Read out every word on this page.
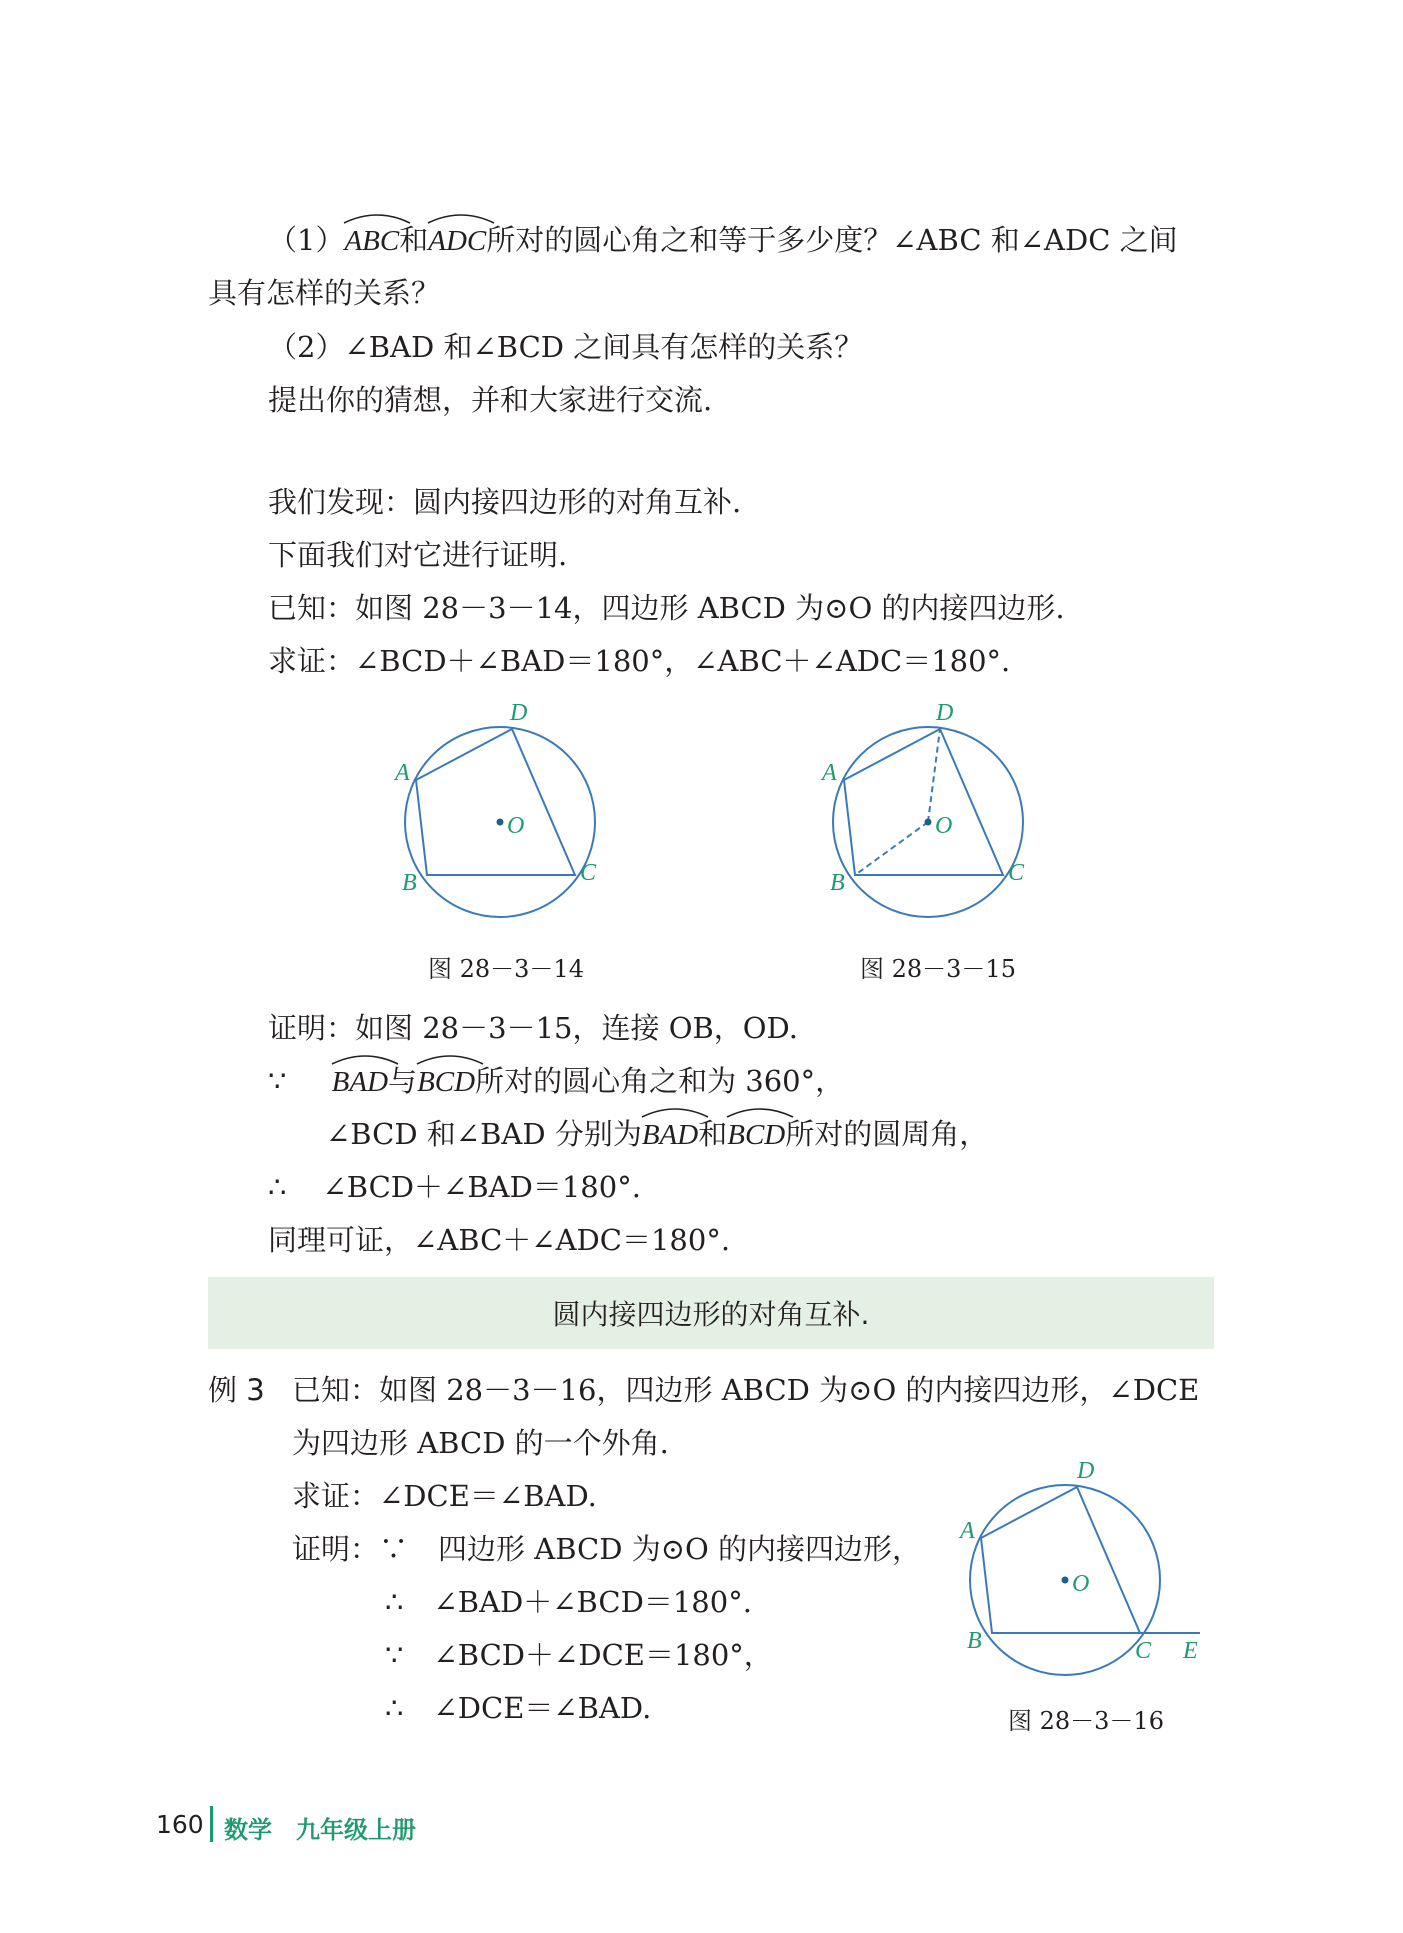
（1）
ABC和
ADC所对的圆心角之和等于多少度？∠ABC 和∠ADC 之间
具有怎样的关系？
（2）∠BAD 和∠BCD 之间具有怎样的关系？
提出你的猜想，并和大家进行交流.
我们发现：圆内接四边形的对角互补.
下面我们对它进行证明.
已知：如图 28－3－14，四边形 ABCD 为⊙O 的内接四边形.
求证：∠BCD＋∠BAD＝180°，∠ABC＋∠ADC＝180°.
O
A
B	C
D
图 28－3－14
O
A
B	C
D
图 28－3－15
证明：如图 28－3－15，连接 OB，OD.
∵ BAD与
BCD所对的圆心角之和为 360°，
∠BCD 和∠BAD 分别为
BAD和
BCD所对的圆周角，
∴ ∠BCD＋∠BAD＝180°.
同理可证，∠ABC＋∠ADC＝180°.
圆内接四边形的对角互补.
例 3 已知：如图 28－3－16，四边形 ABCD 为⊙O 的内接四边形，∠DCE
为四边形 ABCD 的一个外角.
求证：∠DCE＝∠BAD.
证明：∵ 四边形 ABCD 为⊙O 的内接四边形，
∴ ∠BAD＋∠BCD＝180°.
∵ ∠BCD＋∠DCE＝180°，
∴ ∠DCE＝∠BAD.
O
A
B	C
D
E
图 28－3－16
160 数学　九年级上册
